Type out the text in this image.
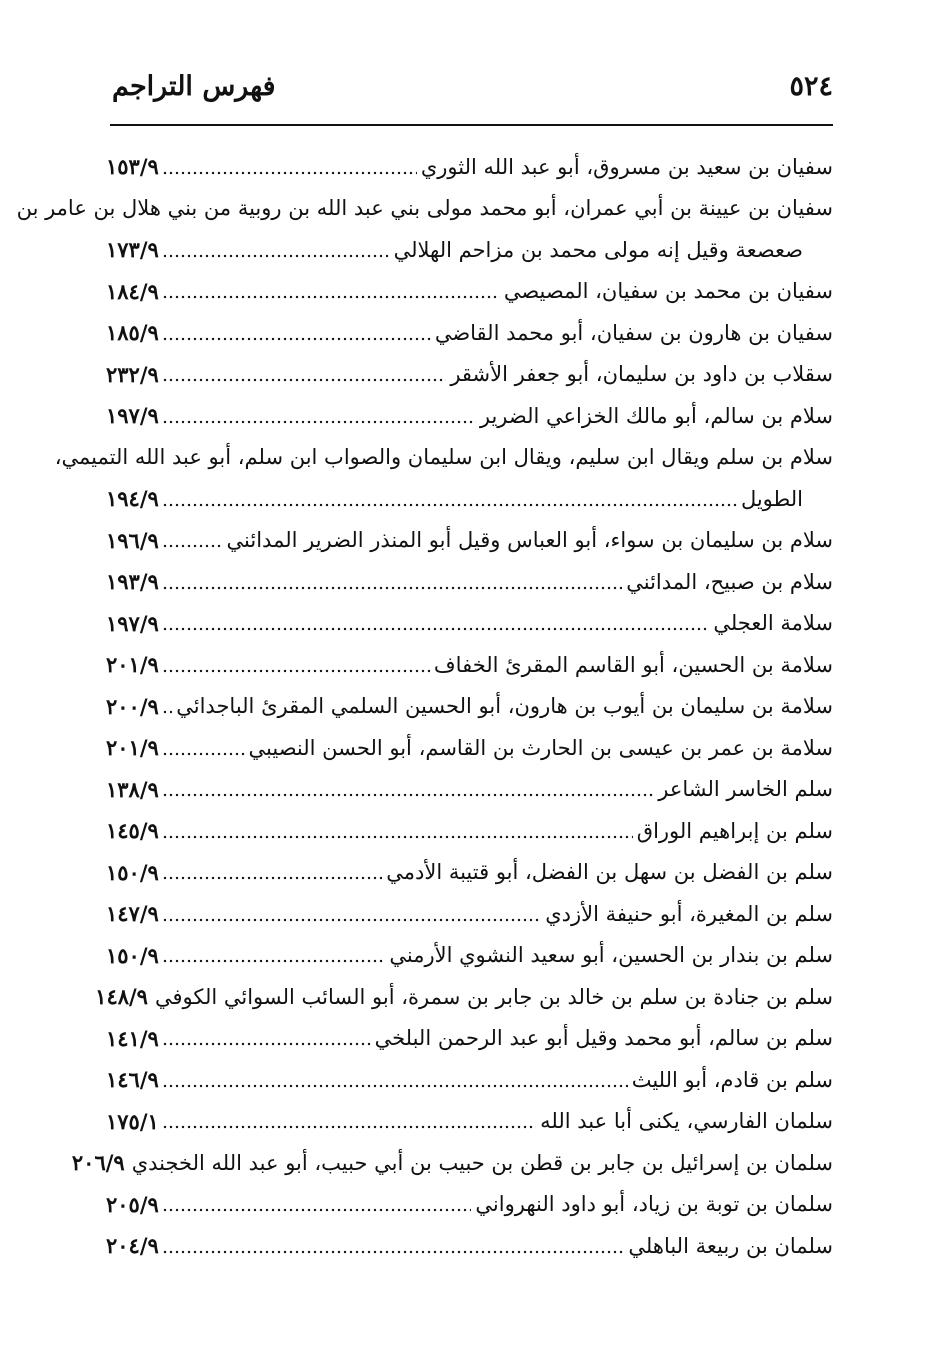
٥٢٤
فهرس التراجم
سفيان بن سعيد بن مسروق، أبو عبد الله الثوري
١٥٣/٩
سفيان بن عيينة بن أبي عمران، أبو محمد مولى بني عبد الله بن روبية من بني هلال بن عامر بن
صعصعة وقيل إنه مولى محمد بن مزاحم الهلالي
١٧٣/٩
سفيان بن محمد بن سفيان، المصيصي
١٨٤/٩
سفيان بن هارون بن سفيان، أبو محمد القاضي
١٨٥/٩
سقلاب بن داود بن سليمان، أبو جعفر الأشقر
٢٣٢/٩
سلام بن سالم، أبو مالك الخزاعي الضرير
١٩٧/٩
سلام بن سلم ويقال ابن سليم، ويقال ابن سليمان والصواب ابن سلم، أبو عبد الله التميمي،
الطويل
١٩٤/٩
سلام بن سليمان بن سواء، أبو العباس وقيل أبو المنذر الضرير المدائني
١٩٦/٩
سلام بن صبيح، المدائني
١٩٣/٩
سلامة العجلي
١٩٧/٩
سلامة بن الحسين، أبو القاسم المقرئ الخفاف
٢٠١/٩
سلامة بن سليمان بن أيوب بن هارون، أبو الحسين السلمي المقرئ الباجدائي
٢٠٠/٩
سلامة بن عمر بن عيسى بن الحارث بن القاسم، أبو الحسن النصيبي
٢٠١/٩
سلم الخاسر الشاعر
١٣٨/٩
سلم بن إبراهيم الوراق
١٤٥/٩
سلم بن الفضل بن سهل بن الفضل، أبو قتيبة الأدمي
١٥٠/٩
سلم بن المغيرة، أبو حنيفة الأزدي
١٤٧/٩
سلم بن بندار بن الحسين، أبو سعيد النشوي الأرمني
١٥٠/٩
سلم بن جنادة بن سلم بن خالد بن جابر بن سمرة، أبو السائب السوائي الكوفي
١٤٨/٩
سلم بن سالم، أبو محمد وقيل أبو عبد الرحمن البلخي
١٤١/٩
سلم بن قادم، أبو الليث
١٤٦/٩
سلمان الفارسي، يكنى أبا عبد الله
١٧٥/١
سلمان بن إسرائيل بن جابر بن قطن بن حبيب بن أبي حبيب، أبو عبد الله الخجندي
٢٠٦/٩
سلمان بن توبة بن زياد، أبو داود النهرواني
٢٠٥/٩
سلمان بن ربيعة الباهلي
٢٠٤/٩
